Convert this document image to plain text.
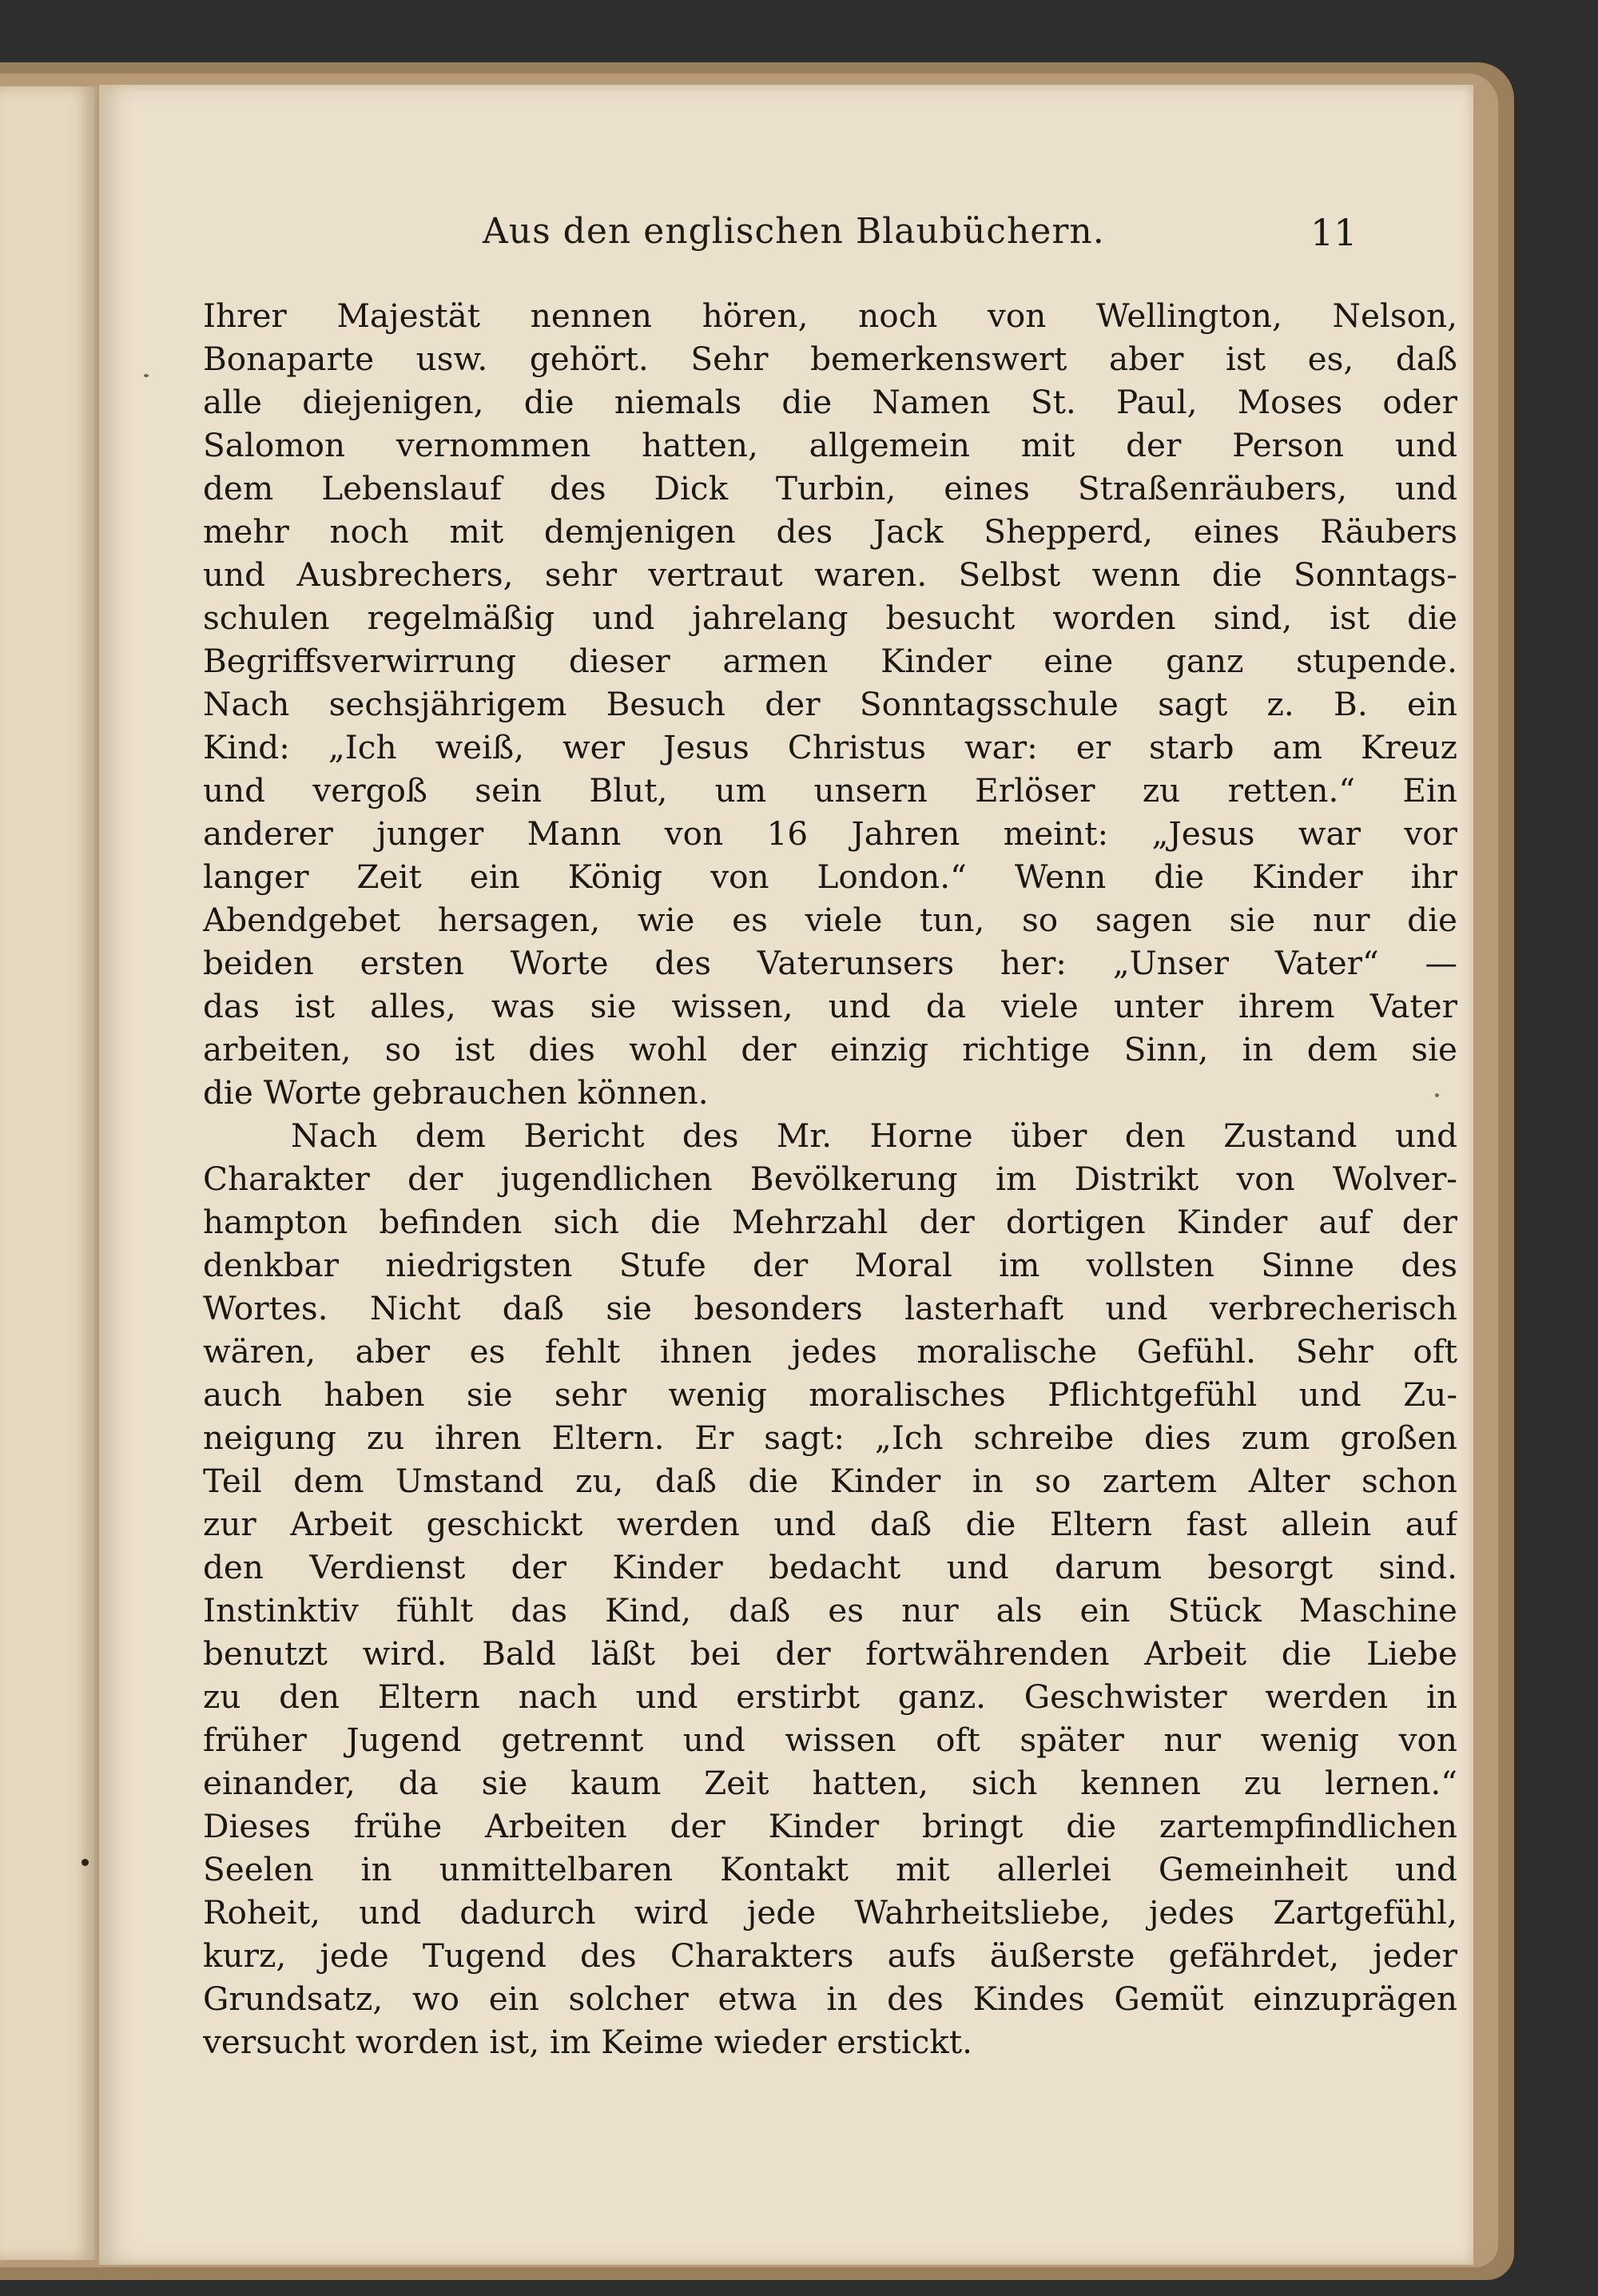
Aus den englischen Blaubüchern.	11
Ihrer Majestät nennen hören, noch von Wellington, Nelson,
Bonaparte usw. gehört. Sehr bemerkenswert aber ist es, daß
alle diejenigen, die niemals die Namen St. Paul, Moses oder
Salomon vernommen hatten, allgemein mit der Person und
dem Lebenslauf des Dick Turbin, eines Straßenräubers, und
mehr noch mit demjenigen des Jack Shepperd, eines Räubers
und Ausbrechers, sehr vertraut waren. Selbst wenn die Sonntags-
schulen regelmäßig und jahrelang besucht worden sind, ist die
Begriffsverwirrung dieser armen Kinder eine ganz stupende.
Nach sechsjährigem Besuch der Sonntagsschule sagt z. B. ein
Kind: „Ich weiß, wer Jesus Christus war: er starb am Kreuz
und vergoß sein Blut, um unsern Erlöser zu retten.“ Ein
anderer junger Mann von 16 Jahren meint: „Jesus war vor
langer Zeit ein König von London.“ Wenn die Kinder ihr
Abendgebet hersagen, wie es viele tun, so sagen sie nur die
beiden ersten Worte des Vaterunsers her: „Unser Vater“ —
das ist alles, was sie wissen, und da viele unter ihrem Vater
arbeiten, so ist dies wohl der einzig richtige Sinn, in dem sie
die Worte gebrauchen können.
Nach dem Bericht des Mr. Horne über den Zustand und
Charakter der jugendlichen Bevölkerung im Distrikt von Wolver-
hampton befinden sich die Mehrzahl der dortigen Kinder auf der
denkbar niedrigsten Stufe der Moral im vollsten Sinne des
Wortes. Nicht daß sie besonders lasterhaft und verbrecherisch
wären, aber es fehlt ihnen jedes moralische Gefühl. Sehr oft
auch haben sie sehr wenig moralisches Pflichtgefühl und Zu-
neigung zu ihren Eltern. Er sagt: „Ich schreibe dies zum großen
Teil dem Umstand zu, daß die Kinder in so zartem Alter schon
zur Arbeit geschickt werden und daß die Eltern fast allein auf
den Verdienst der Kinder bedacht und darum besorgt sind.
Instinktiv fühlt das Kind, daß es nur als ein Stück Maschine
benutzt wird. Bald läßt bei der fortwährenden Arbeit die Liebe
zu den Eltern nach und erstirbt ganz. Geschwister werden in
früher Jugend getrennt und wissen oft später nur wenig von
einander, da sie kaum Zeit hatten, sich kennen zu lernen.“
Dieses frühe Arbeiten der Kinder bringt die zartempfindlichen
Seelen in unmittelbaren Kontakt mit allerlei Gemeinheit und
Roheit, und dadurch wird jede Wahrheitsliebe, jedes Zartgefühl,
kurz, jede Tugend des Charakters aufs äußerste gefährdet, jeder
Grundsatz, wo ein solcher etwa in des Kindes Gemüt einzuprägen
versucht worden ist, im Keime wieder erstickt.
